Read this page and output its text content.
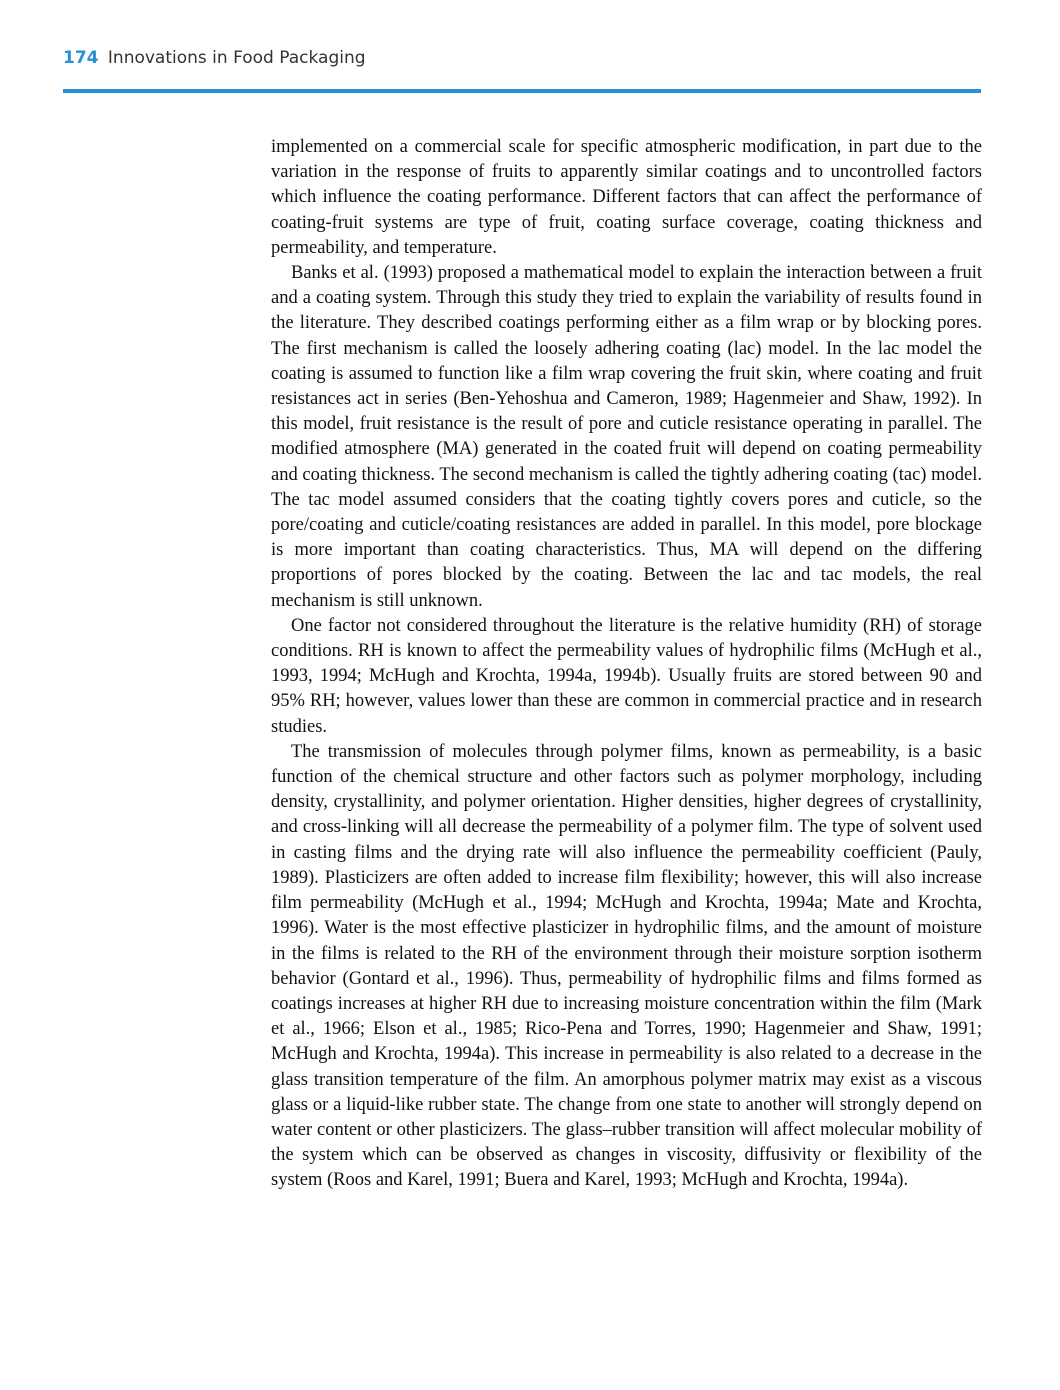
174 Innovations in Food Packaging

implemented on a commercial scale for specific atmospheric modification, in part due to the variation in the response of fruits to apparently similar coatings and to uncontrolled factors which influence the coating performance. Different factors that can affect the performance of coating-fruit systems are type of fruit, coating surface coverage, coating thickness and permeability, and temperature.

Banks et al. (1993) proposed a mathematical model to explain the interaction between a fruit and a coating system. Through this study they tried to explain the variability of results found in the literature. They described coatings performing either as a film wrap or by blocking pores. The first mechanism is called the loosely adhering coating (lac) model. In the lac model the coating is assumed to function like a film wrap covering the fruit skin, where coating and fruit resistances act in series (Ben-Yehoshua and Cameron, 1989; Hagenmeier and Shaw, 1992). In this model, fruit resistance is the result of pore and cuticle resistance operating in parallel. The modified atmosphere (MA) generated in the coated fruit will depend on coating permeability and coating thickness. The second mechanism is called the tightly adhering coating (tac) model. The tac model assumed considers that the coating tightly covers pores and cuticle, so the pore/coating and cuticle/coating resistances are added in parallel. In this model, pore blockage is more important than coating characteristics. Thus, MA will depend on the differing proportions of pores blocked by the coating. Between the lac and tac models, the real mechanism is still unknown.

One factor not considered throughout the literature is the relative humidity (RH) of storage conditions. RH is known to affect the permeability values of hydrophilic films (McHugh et al., 1993, 1994; McHugh and Krochta, 1994a, 1994b). Usually fruits are stored between 90 and 95% RH; however, values lower than these are common in commercial practice and in research studies.

The transmission of molecules through polymer films, known as permeability, is a basic function of the chemical structure and other factors such as polymer morphology, including density, crystallinity, and polymer orientation. Higher densities, higher degrees of crystallinity, and cross-linking will all decrease the permeability of a polymer film. The type of solvent used in casting films and the drying rate will also influence the permeability coefficient (Pauly, 1989). Plasticizers are often added to increase film flexibility; however, this will also increase film permeability (McHugh et al., 1994; McHugh and Krochta, 1994a; Mate and Krochta, 1996). Water is the most effective plasticizer in hydrophilic films, and the amount of moisture in the films is related to the RH of the environment through their moisture sorption isotherm behavior (Gontard et al., 1996). Thus, permeability of hydrophilic films and films formed as coatings increases at higher RH due to increasing moisture concentration within the film (Mark et al., 1966; Elson et al., 1985; Rico-Pena and Torres, 1990; Hagenmeier and Shaw, 1991; McHugh and Krochta, 1994a). This increase in permeability is also related to a decrease in the glass transition temperature of the film. An amorphous polymer matrix may exist as a viscous glass or a liquid-like rubber state. The change from one state to another will strongly depend on water content or other plasticizers. The glass–rubber transition will affect molecular mobility of the system which can be observed as changes in viscosity, diffusivity or flexibility of the system (Roos and Karel, 1991; Buera and Karel, 1993; McHugh and Krochta, 1994a).
